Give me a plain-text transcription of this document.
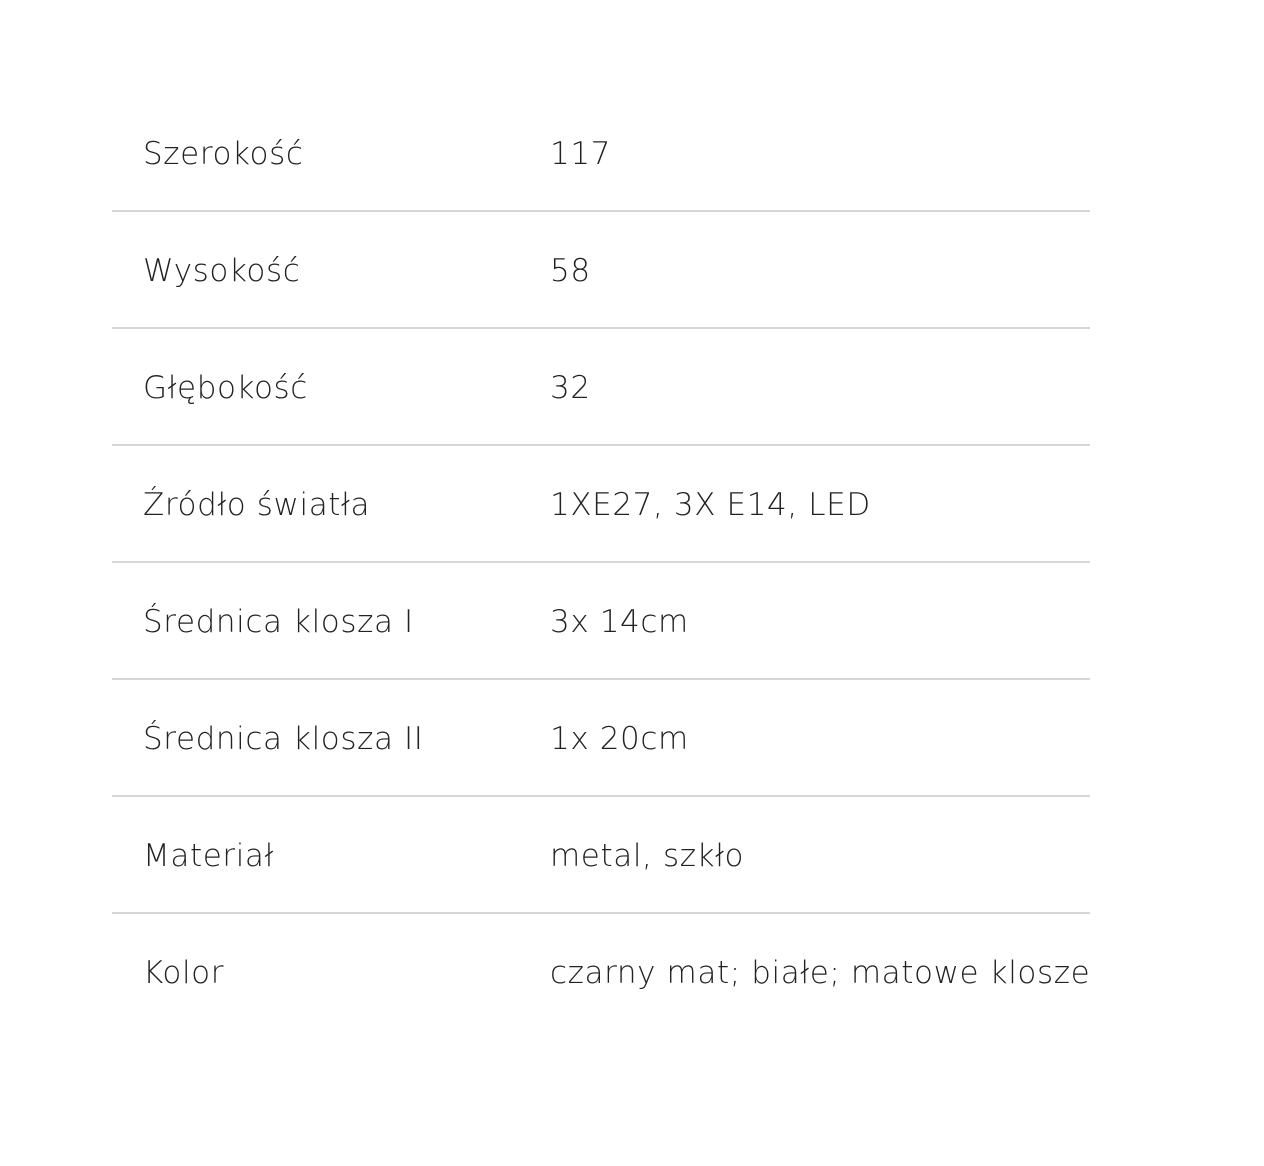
Szerokość	117
Wysokość	58
Głębokość	32
Źródło światła	1XE27, 3X E14, LED
Średnica klosza I	3x 14cm
Średnica klosza II	1x 20cm
Materiał	metal, szkło
Kolor	czarny mat; białe; matowe klosze
